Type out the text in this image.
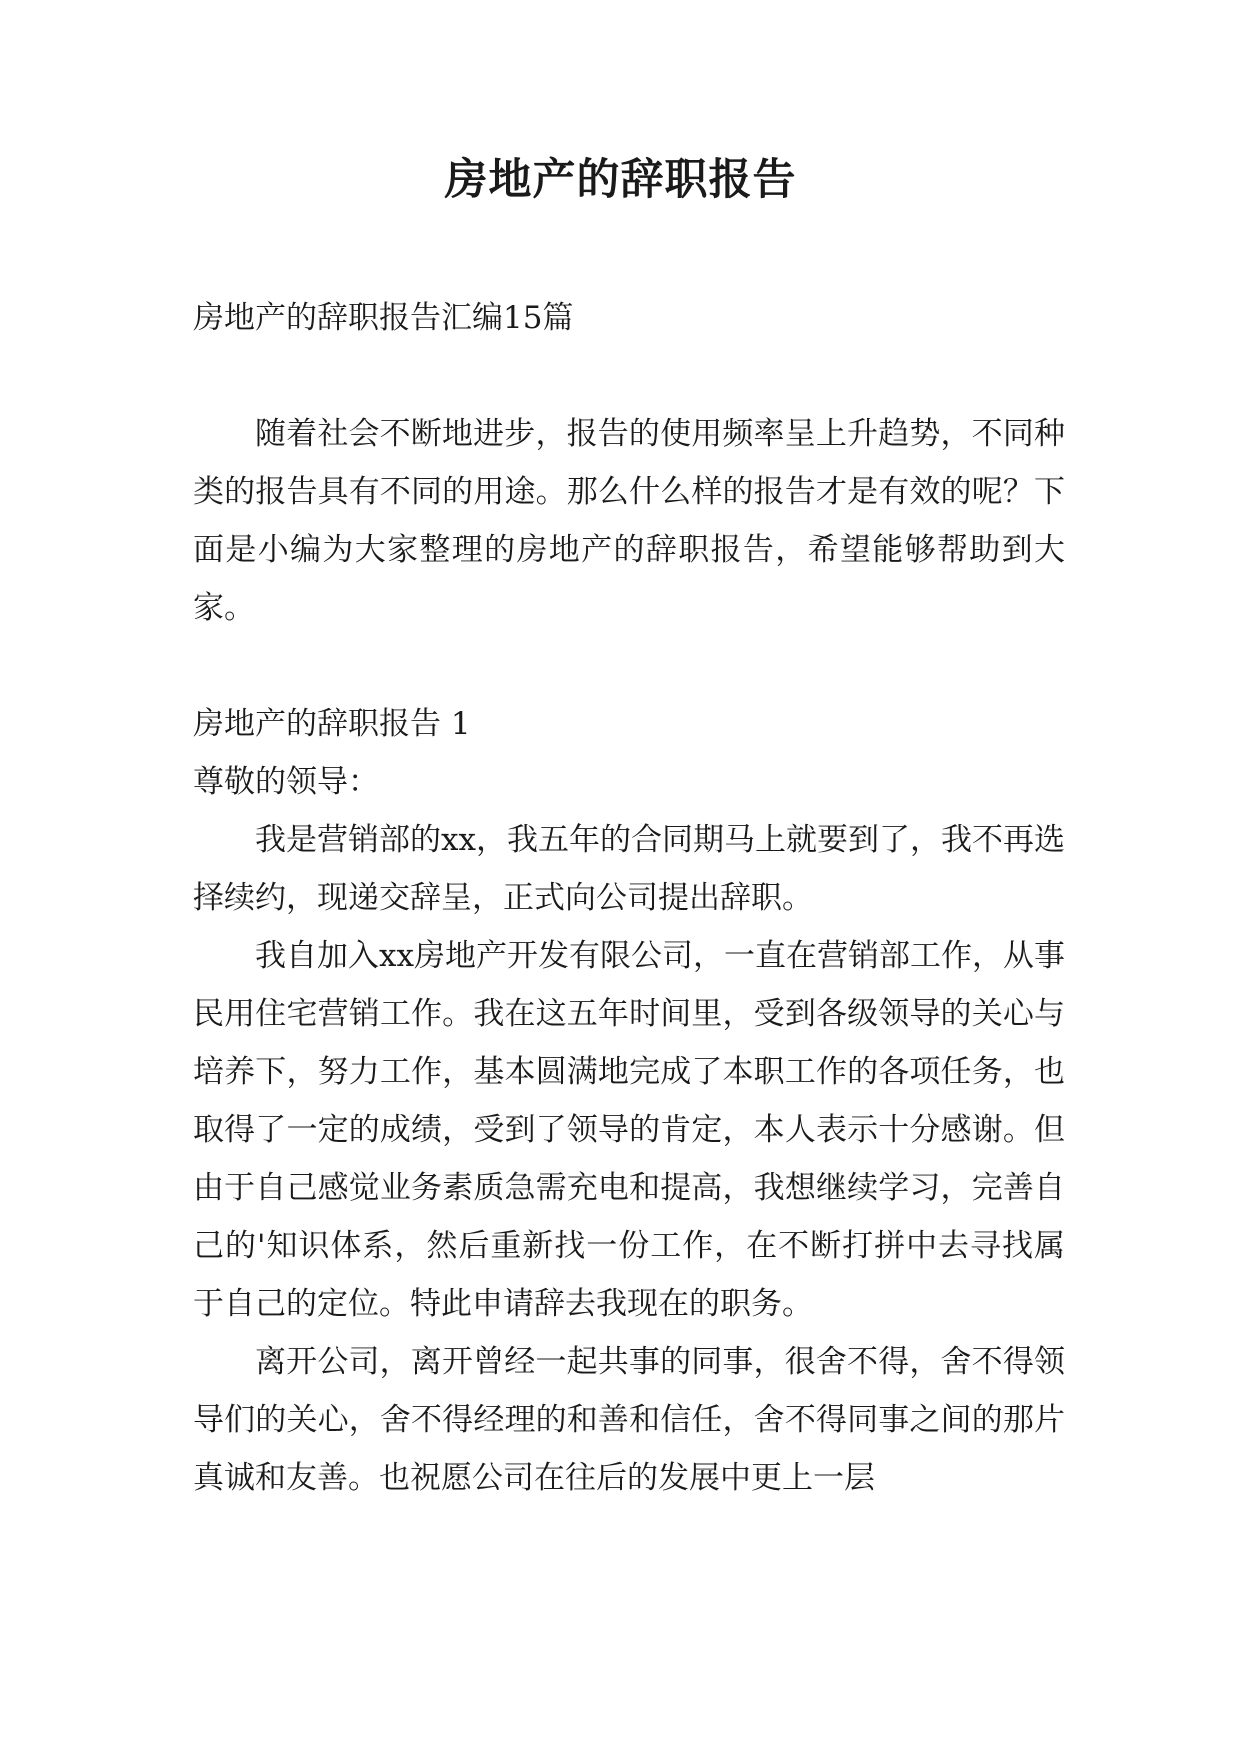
房地产的辞职报告

房地产的辞职报告汇编15篇

随着社会不断地进步，报告的使用频率呈上升趋势，不同种类的报告具有不同的用途。那么什么样的报告才是有效的呢？下面是小编为大家整理的房地产的辞职报告，希望能够帮助到大家。

房地产的辞职报告 1

尊敬的领导：

我是营销部的xx，我五年的合同期马上就要到了，我不再选择续约，现递交辞呈，正式向公司提出辞职。

我自加入xx房地产开发有限公司，一直在营销部工作，从事民用住宅营销工作。我在这五年时间里，受到各级领导的关心与培养下，努力工作，基本圆满地完成了本职工作的各项任务，也取得了一定的成绩，受到了领导的肯定，本人表示十分感谢。但由于自己感觉业务素质急需充电和提高，我想继续学习，完善自己的'知识体系，然后重新找一份工作，在不断打拼中去寻找属于自己的定位。特此申请辞去我现在的职务。

离开公司，离开曾经一起共事的同事，很舍不得，舍不得领导们的关心，舍不得经理的和善和信任，舍不得同事之间的那片真诚和友善。也祝愿公司在往后的发展中更上一层
